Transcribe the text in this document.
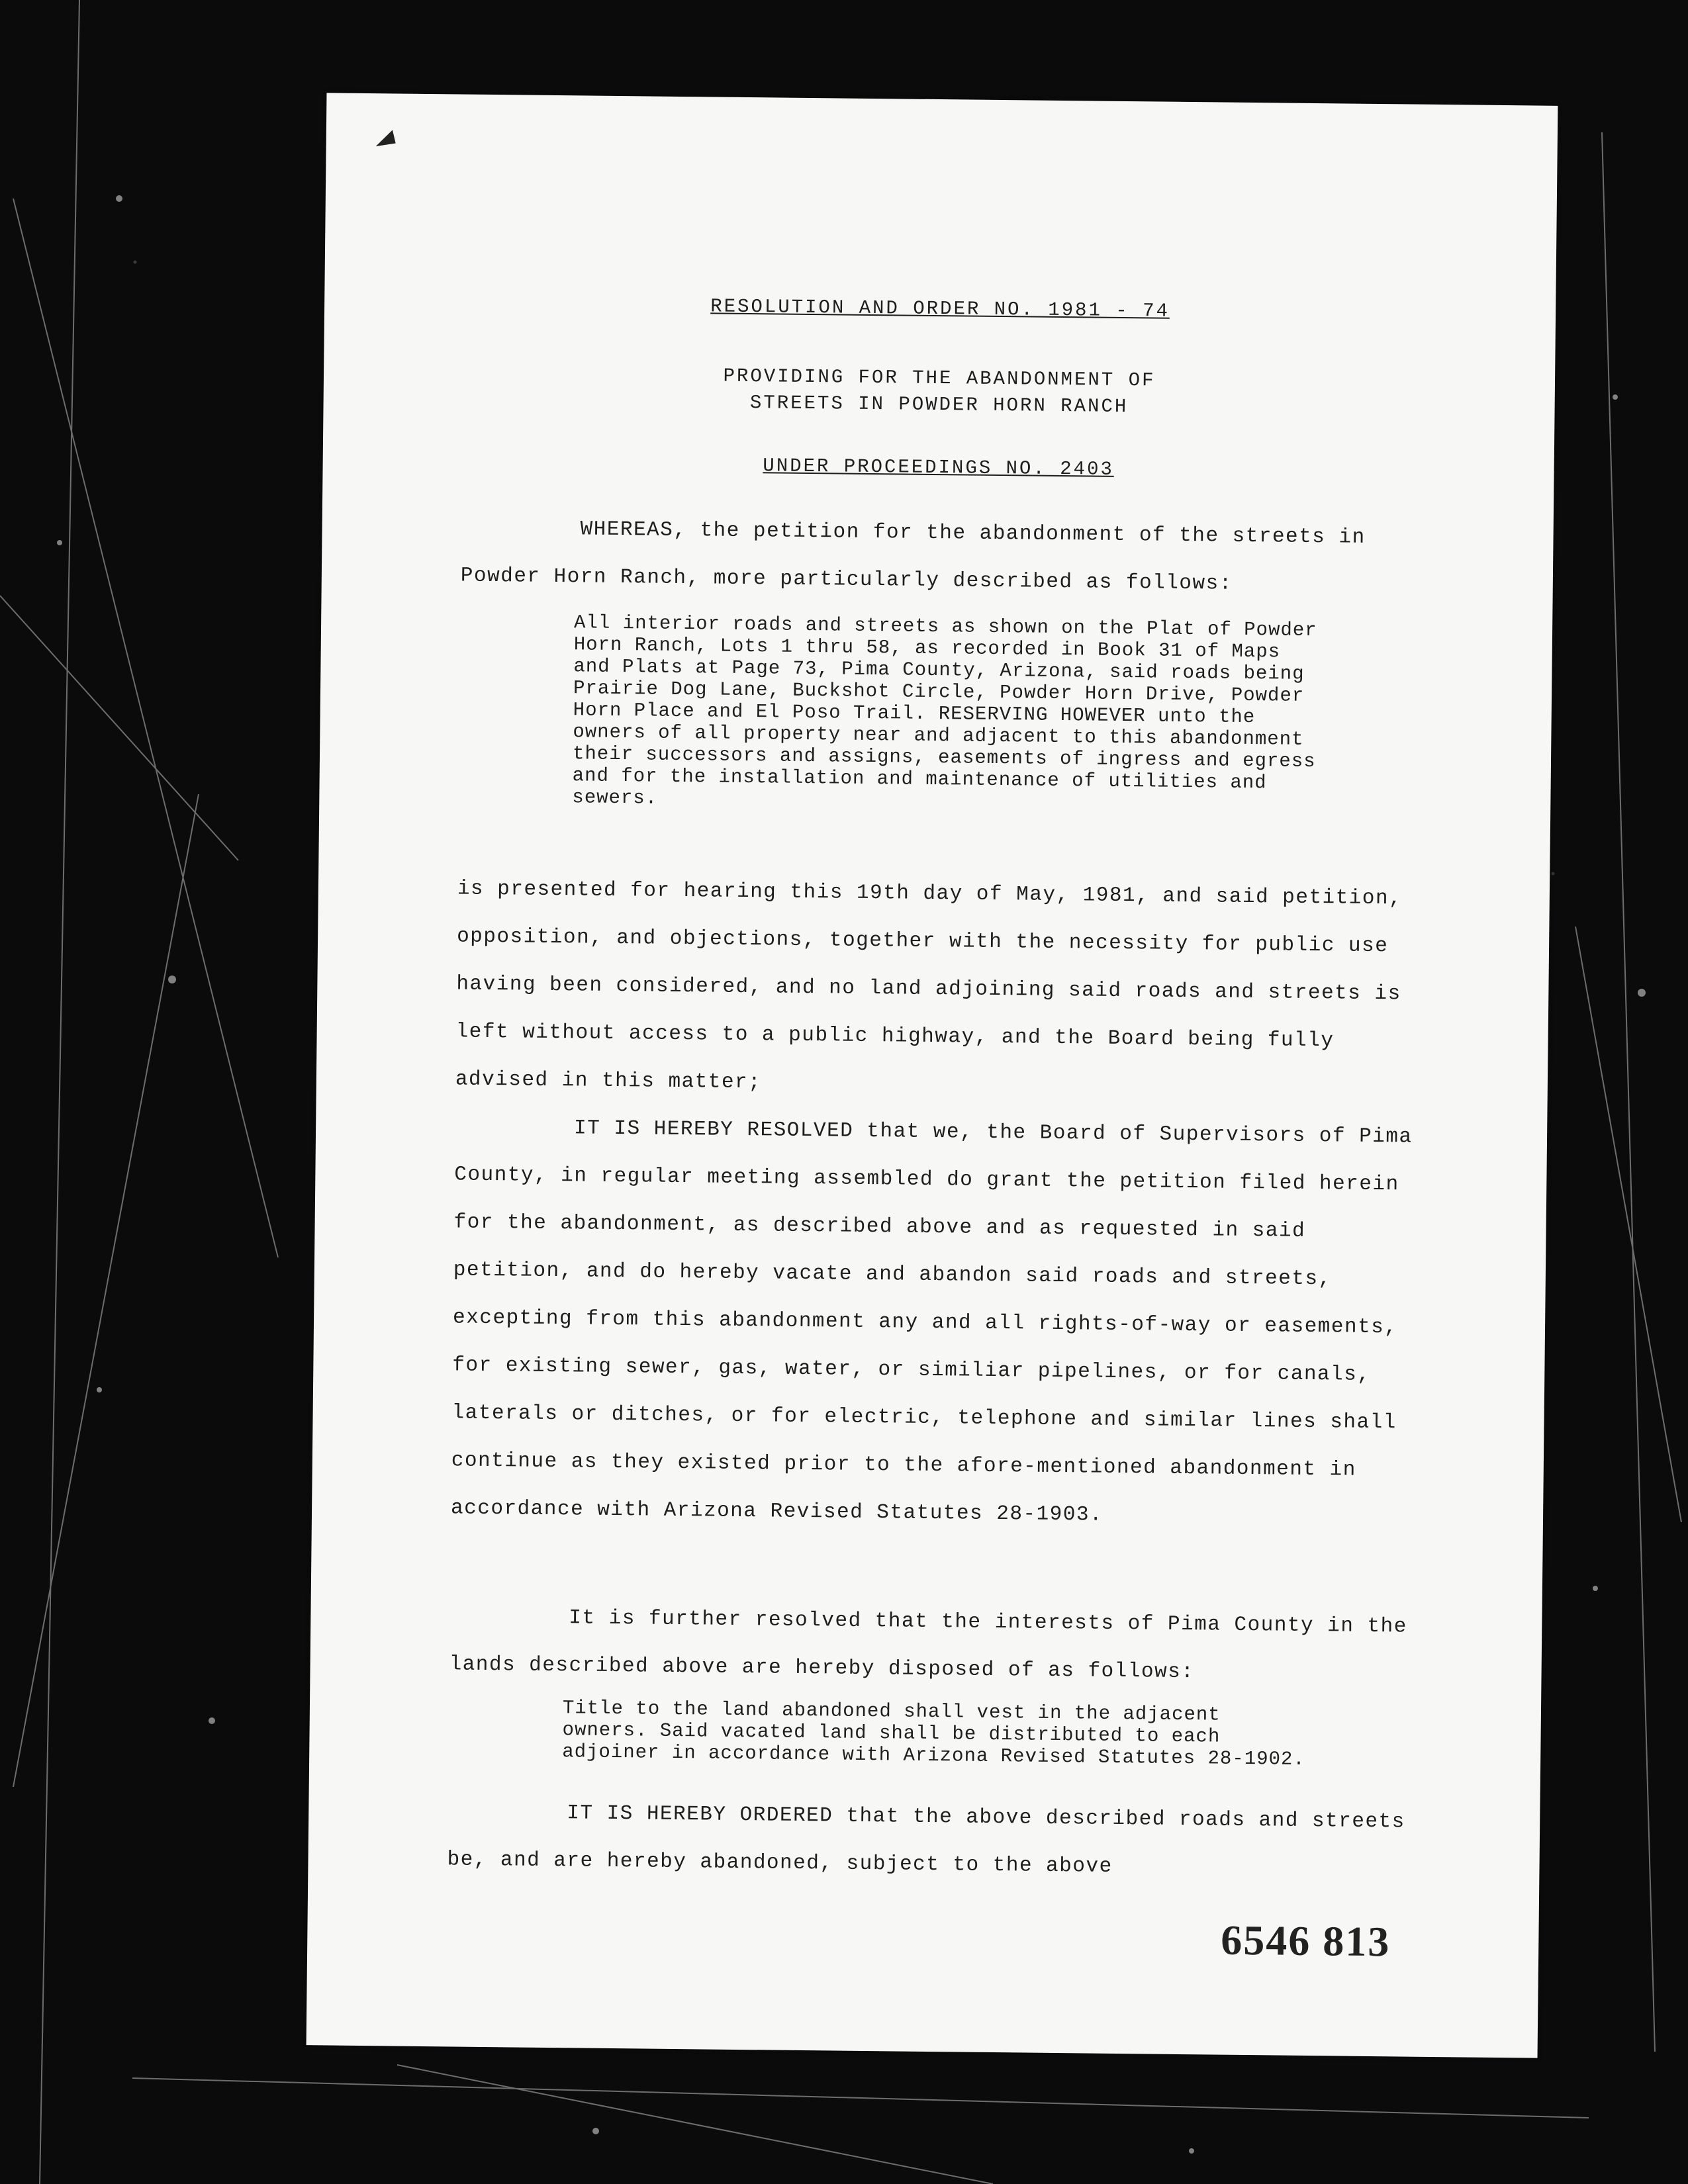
RESOLUTION AND ORDER NO. 1981 - 74
PROVIDING FOR THE ABANDONMENT OF
STREETS IN POWDER HORN RANCH
UNDER PROCEEDINGS NO. 2403

WHEREAS, the petition for the abandonment of the streets in Powder Horn Ranch, more particularly described as follows:

All interior roads and streets as shown on the Plat of Powder Horn Ranch, Lots 1 thru 58, as recorded in Book 31 of Maps and Plats at Page 73, Pima County, Arizona, said roads being Prairie Dog Lane, Buckshot Circle, Powder Horn Drive, Powder Horn Place and El Poso Trail. RESERVING HOWEVER unto the owners of all property near and adjacent to this abandonment their successors and assigns, easements of ingress and egress and for the installation and maintenance of utilities and sewers.

is presented for hearing this 19th day of May, 1981, and said petition, opposition, and objections, together with the necessity for public use having been considered, and no land adjoining said roads and streets is left without access to a public highway, and the Board being fully advised in this matter;

IT IS HEREBY RESOLVED that we, the Board of Supervisors of Pima County, in regular meeting assembled do grant the petition filed herein for the abandonment, as described above and as requested in said petition, and do hereby vacate and abandon said roads and streets, excepting from this abandonment any and all rights-of-way or easements, for existing sewer, gas, water, or similiar pipelines, or for canals, laterals or ditches, or for electric, telephone and similar lines shall continue as they existed prior to the afore-mentioned abandonment in accordance with Arizona Revised Statutes 28-1903.

It is further resolved that the interests of Pima County in the lands described above are hereby disposed of as follows:

Title to the land abandoned shall vest in the adjacent owners. Said vacated land shall be distributed to each adjoiner in accordance with Arizona Revised Statutes 28-1902.

IT IS HEREBY ORDERED that the above described roads and streets be, and are hereby abandoned, subject to the above

6546 813
